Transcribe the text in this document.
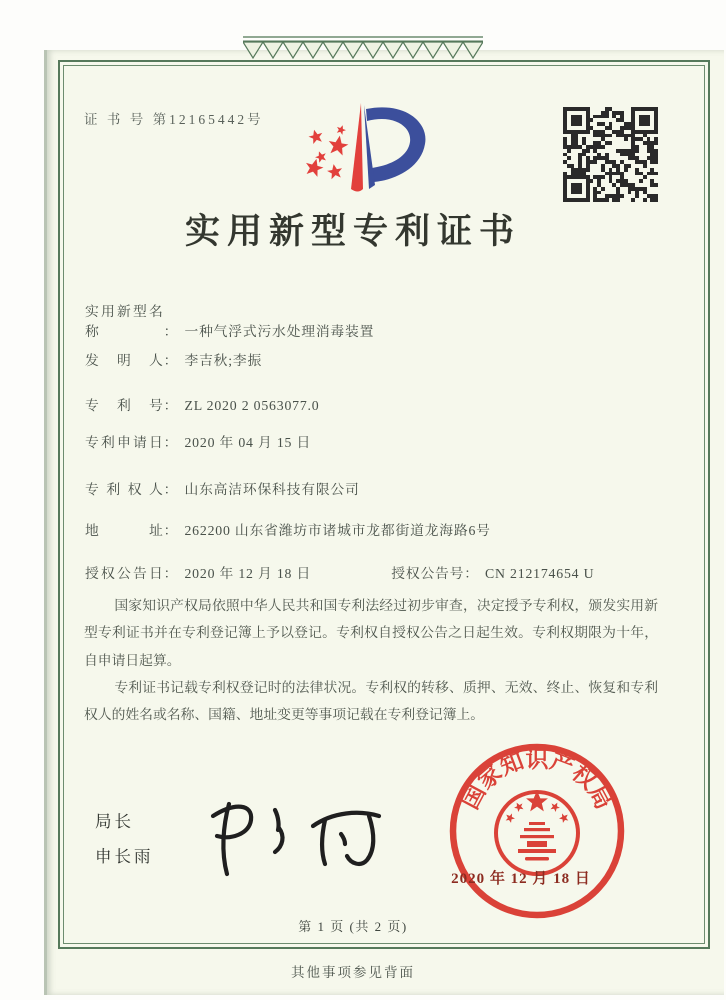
证 书 号 第12165442号
实用新型专利证书
实用新型名称	： 一种气浮式污水处理消毒装置
发明人： 李吉秋;李振
专利号： ZL 2020 2 0563077.0
专利申请日： 2020 年 04 月 15 日
专利权人： 山东高洁环保科技有限公司
地址： 262200 山东省潍坊市诸城市龙都街道龙海路6号
授权公告日： 2020 年 12 月 18 日	授权公告号： CN 212174654 U

国家知识产权局依照中华人民共和国专利法经过初步审查，决定授予专利权，颁发实用新型专利证书并在专利登记簿上予以登记。专利权自授权公告之日起生效。专利权期限为十年，自申请日起算。

专利证书记载专利权登记时的法律状况。专利权的转移、质押、无效、终止、恢复和专利权人的姓名或名称、国籍、地址变更等事项记载在专利登记簿上。

局长
申长雨
国家知识产权局
2020 年 12 月 18 日
第 1 页 (共 2 页)
其他事项参见背面
